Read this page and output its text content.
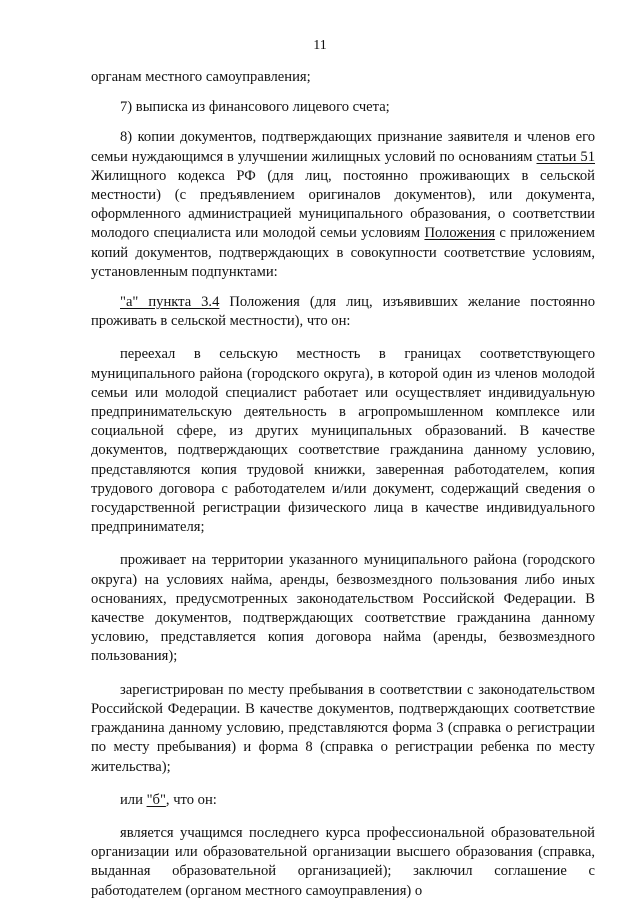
11

органам местного самоуправления;

7) выписка из финансового лицевого счета;

8) копии документов, подтверждающих признание заявителя и членов его семьи нуждающимся в улучшении жилищных условий по основаниям статьи 51 Жилищного кодекса РФ (для лиц, постоянно проживающих в сельской местности) (с предъявлением оригиналов документов), или документа, оформленного администрацией муниципального образования, о соответствии молодого специалиста или молодой семьи условиям Положения с приложением копий документов, подтверждающих в совокупности соответствие условиям, установленным подпунктами:

"а" пункта 3.4 Положения (для лиц, изъявивших желание постоянно проживать в сельской местности), что он:

переехал в сельскую местность в границах соответствующего муниципального района (городского округа), в которой один из членов молодой семьи или молодой специалист работает или осуществляет индивидуальную предпринимательскую деятельность в агропромышленном комплексе или социальной сфере, из других муниципальных образований. В качестве документов, подтверждающих соответствие гражданина данному условию, представляются копия трудовой книжки, заверенная работодателем, копия трудового договора с работодателем и/или документ, содержащий сведения о государственной регистрации физического лица в качестве индивидуального предпринимателя;

проживает на территории указанного муниципального района (городского округа) на условиях найма, аренды, безвозмездного пользования либо иных основаниях, предусмотренных законодательством Российской Федерации. В качестве документов, подтверждающих соответствие гражданина данному условию, представляется копия договора найма (аренды, безвозмездного пользования);

зарегистрирован по месту пребывания в соответствии с законодательством Российской Федерации. В качестве документов, подтверждающих соответствие гражданина данному условию, представляются форма 3 (справка о регистрации по месту пребывания) и форма 8 (справка о регистрации ребенка по месту жительства);

или "б", что он:

является учащимся последнего курса профессиональной образовательной организации или образовательной организации высшего образования (справка, выданная образовательной организацией); заключил соглашение с работодателем (органом местного самоуправления) о
